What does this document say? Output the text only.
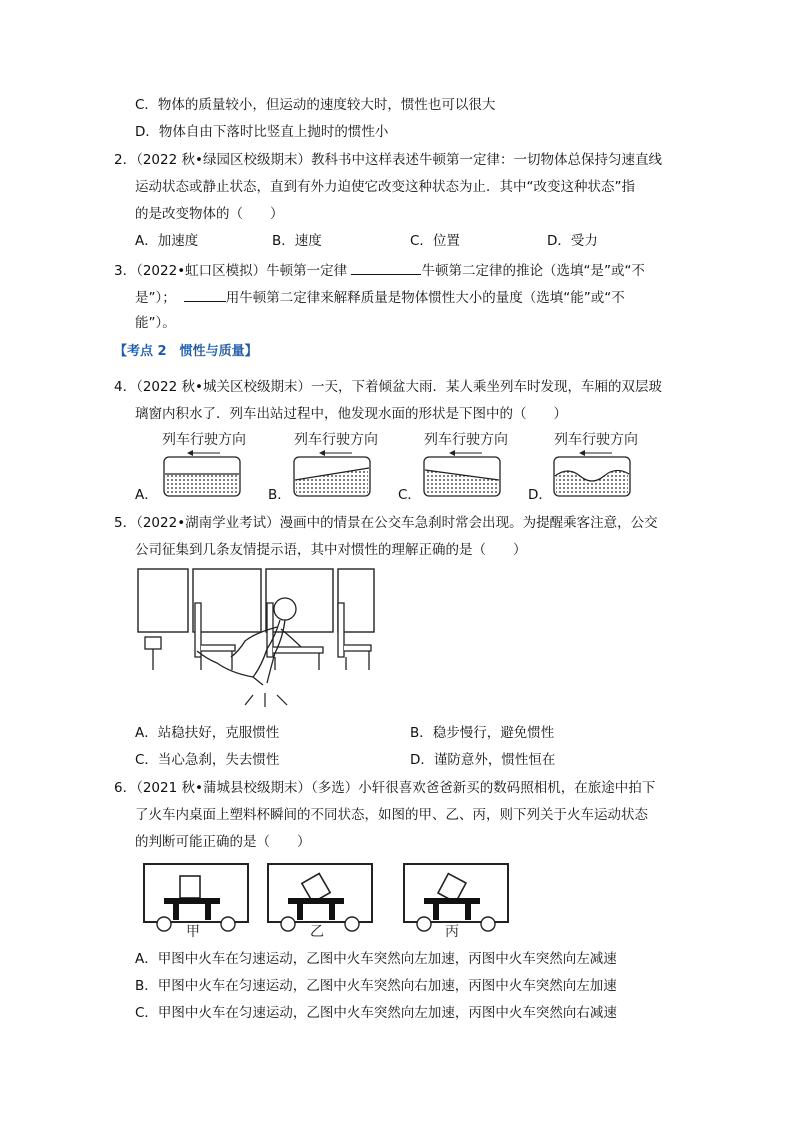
C．物体的质量较小，但运动的速度较大时，惯性也可以很大
D．物体自由下落时比竖直上抛时的惯性小
2．（2022 秋•绿园区校级期末）教科书中这样表述牛顿第一定律：一切物体总保持匀速直线
运动状态或静止状态，直到有外力迫使它改变这种状态为止．其中“改变这种状态”指
的是改变物体的（　　）
A．加速度	B．速度	C．位置	D．受力
3．（2022•虹口区模拟）牛顿第一定律	牛顿第二定律的推论（选填“是”或“不
是”）；	用牛顿第二定律来解释质量是物体惯性大小的量度（选填“能”或“不
能”）。
【考点 2　惯性与质量】
4．（2022 秋•城关区校级期末）一天，下着倾盆大雨．某人乘坐列车时发现，车厢的双层玻
璃窗内积水了．列车出站过程中，他发现水面的形状是下图中的（　　）
列车行驶方向	列车行驶方向	列车行驶方向	列车行驶方向
A．	B．	C．	D．
5．（2022•湖南学业考试）漫画中的情景在公交车急刹时常会出现。为提醒乘客注意，公交
公司征集到几条友情提示语，其中对惯性的理解正确的是（　　）
A．站稳扶好，克服惯性	B．稳步慢行，避免惯性
C．当心急刹，失去惯性	D．谨防意外，惯性恒在
6．（2021 秋•蒲城县校级期末）（多选）小轩很喜欢爸爸新买的数码照相机，在旅途中拍下
了火车内桌面上塑料杯瞬间的不同状态，如图的甲、乙、丙，则下列关于火车运动状态
的判断可能正确的是（　　）
甲	乙	丙
A．甲图中火车在匀速运动，乙图中火车突然向左加速，丙图中火车突然向左减速
B．甲图中火车在匀速运动，乙图中火车突然向右加速，丙图中火车突然向左加速
C．甲图中火车在匀速运动，乙图中火车突然向左加速，丙图中火车突然向右减速
